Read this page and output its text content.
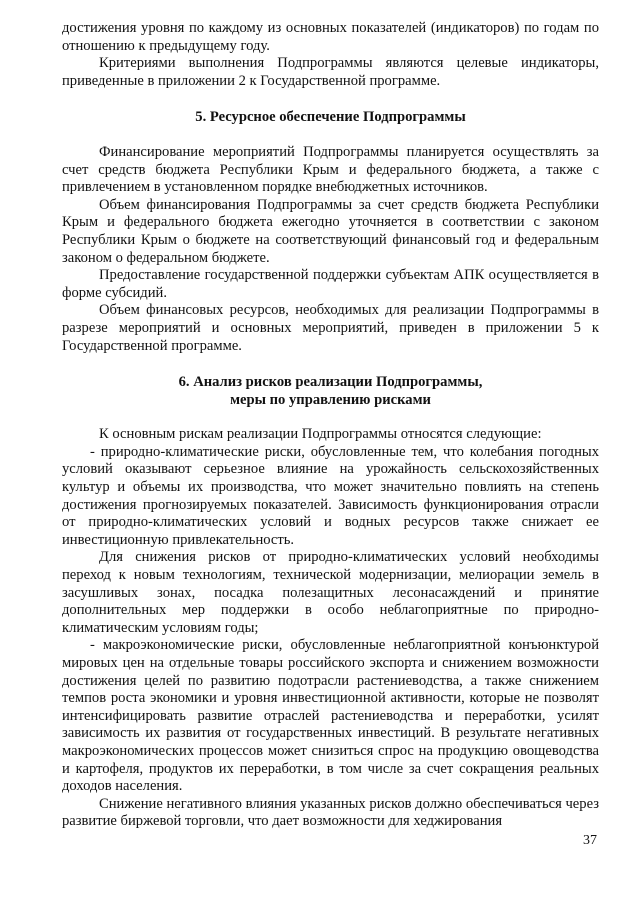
достижения уровня по каждому из основных показателей (индикаторов) по годам по отношению к предыдущему году.

Критериями выполнения Подпрограммы являются целевые индикаторы, приведенные в приложении 2 к Государственной программе.

5. Ресурсное обеспечение Подпрограммы

Финансирование мероприятий Подпрограммы планируется осуществлять за счет средств бюджета Республики Крым и федерального бюджета, а также с привлечением в установленном порядке внебюджетных источников.

Объем финансирования Подпрограммы за счет средств бюджета Республики Крым и федерального бюджета ежегодно уточняется в соответствии с законом Республики Крым о бюджете на соответствующий финансовый год и федеральным законом о федеральном бюджете.

Предоставление государственной поддержки субъектам АПК осуществляется в форме субсидий.

Объем финансовых ресурсов, необходимых для реализации Подпрограммы в разрезе мероприятий и основных мероприятий, приведен в приложении 5 к Государственной программе.

6. Анализ рисков реализации Подпрограммы,

меры по управлению рисками

К основным рискам реализации Подпрограммы относятся следующие:

- природно-климатические риски, обусловленные тем, что колебания погодных условий оказывают серьезное влияние на урожайность сельскохозяйственных культур и объемы их производства, что может значительно повлиять на степень достижения прогнозируемых показателей. Зависимость функционирования отрасли от природно-климатических условий и водных ресурсов также снижает ее инвестиционную привлекательность.

Для снижения рисков от природно-климатических условий необходимы переход к новым технологиям, технической модернизации, мелиорации земель в засушливых зонах, посадка полезащитных лесонасаждений и принятие дополнительных мер поддержки в особо неблагоприятные по природно-климатическим условиям годы;

- макроэкономические риски, обусловленные неблагоприятной конъюнктурой мировых цен на отдельные товары российского экспорта и снижением возможности достижения целей по развитию подотрасли растениеводства, а также снижением темпов роста экономики и уровня инвестиционной активности, которые не позволят интенсифицировать развитие отраслей растениеводства и переработки, усилят зависимость их развития от государственных инвестиций. В результате негативных макроэкономических процессов может снизиться спрос на продукцию овощеводства и картофеля, продуктов их переработки, в том числе за счет сокращения реальных доходов населения.

Снижение негативного влияния указанных рисков должно обеспечиваться через развитие биржевой торговли, что дает возможности для хеджирования

37
